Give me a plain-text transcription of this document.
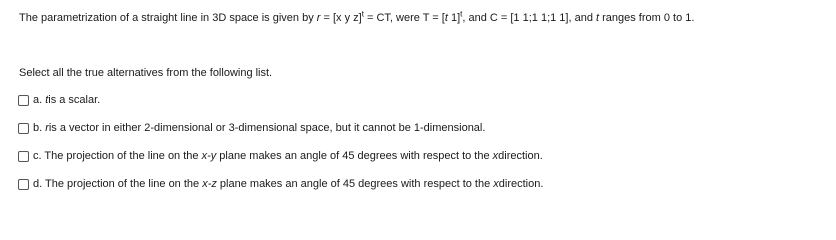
The parametrization of a straight line in 3D space is given by r = [x y z]$^t$ = CT, were T = [t 1]$^t$, and C = [1 1;1 1;1 1], and t ranges from 0 to 1.
Select all the true alternatives from the following list.
a. t is a scalar.
b. r is a vector in either 2-dimensional or 3-dimensional space, but it cannot be 1-dimensional.
c. The projection of the line on the x-y plane makes an angle of 45 degrees with respect to the x direction.
d. The projection of the line on the x-z plane makes an angle of 45 degrees with respect to the x direction.
